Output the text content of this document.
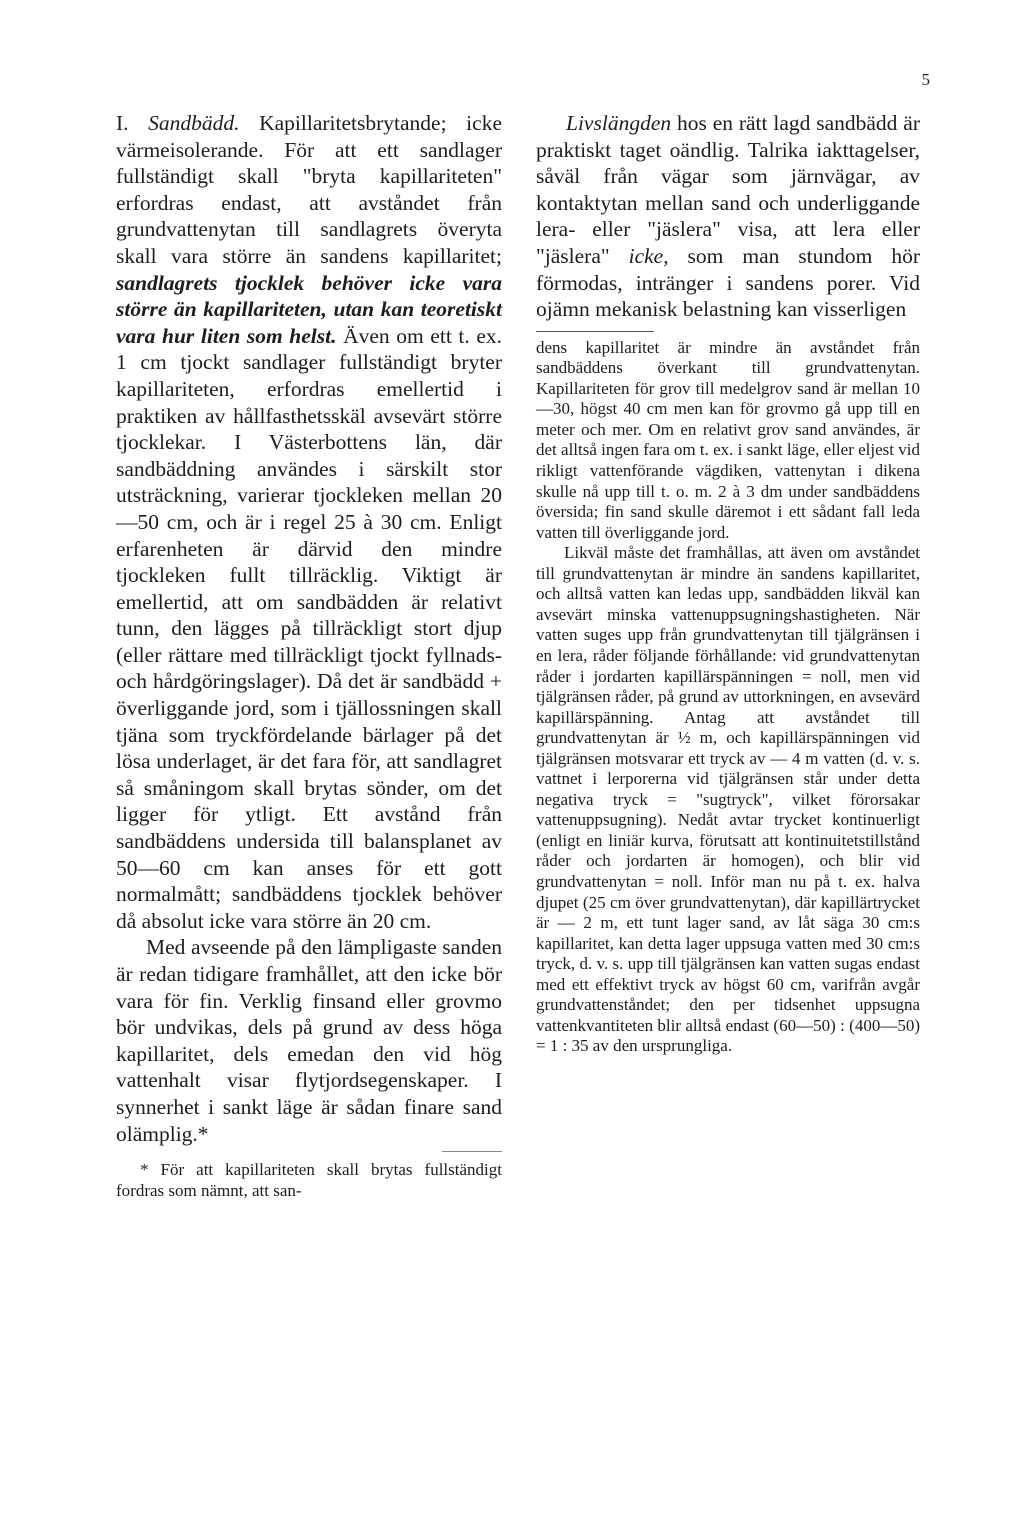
5

I. Sandbädd. Kapillaritetsbrytande; icke värmeisolerande. För att ett sandlager fullständigt skall "bryta kapillariteten" erfordras endast, att avståndet från grundvattenytan till sandlagrets överyta skall vara större än sandens kapillaritet; sandlagrets tjocklek behöver icke vara större än kapillariteten, utan kan teoretiskt vara hur liten som helst. Även om ett t. ex. 1 cm tjockt sandlager fullständigt bryter kapillariteten, erfordras emellertid i praktiken av hållfasthetsskäl avsevärt större tjocklekar. I Västerbottens län, där sandbäddning användes i särskilt stor utsträckning, varierar tjockleken mellan 20 —50 cm, och är i regel 25 à 30 cm. Enligt erfarenheten är därvid den mindre tjockleken fullt tillräcklig. Viktigt är emellertid, att om sandbädden är relativt tunn, den lägges på tillräckligt stort djup (eller rättare med tillräckligt tjockt fyllnads- och hårdgöringslager). Då det är sandbädd + överliggande jord, som i tjällossningen skall tjäna som tryckfördelande bärlager på det lösa underlaget, är det fara för, att sandlagret så småningom skall brytas sönder, om det ligger för ytligt. Ett avstånd från sandbäddens undersida till balansplanet av 50—60 cm kan anses för ett gott normalmått; sandbäddens tjocklek behöver då absolut icke vara större än 20 cm.

Med avseende på den lämpligaste sanden är redan tidigare framhållet, att den icke bör vara för fin. Verklig finsand eller grovmo bör undvikas, dels på grund av dess höga kapillaritet, dels emedan den vid hög vattenhalt visar flytjordsegenskaper. I synnerhet i sankt läge är sådan finare sand olämplig.*

* För att kapillariteten skall brytas fullständigt fordras som nämnt, att san-

Livslängden hos en rätt lagd sandbädd är praktiskt taget oändlig. Talrika iakttagelser, såväl från vägar som järnvägar, av kontaktytan mellan sand och underliggande lera- eller "jäslera" visa, att lera eller "jäslera" icke, som man stundom hör förmodas, intränger i sandens porer. Vid ojämn mekanisk belastning kan visserligen

dens kapillaritet är mindre än avståndet från sandbäddens överkant till grundvattenytan. Kapillariteten för grov till medelgrov sand är mellan 10—30, högst 40 cm men kan för grovmo gå upp till en meter och mer. Om en relativt grov sand användes, är det alltså ingen fara om t. ex. i sankt läge, eller eljest vid rikligt vattenförande vägdiken, vattenytan i dikena skulle nå upp till t. o. m. 2 à 3 dm under sandbäddens översida; fin sand skulle däremot i ett sådant fall leda vatten till överliggande jord.

Likväl måste det framhållas, att även om avståndet till grundvattenytan är mindre än sandens kapillaritet, och alltså vatten kan ledas upp, sandbädden likväl kan avsevärt minska vattenuppsugningshastigheten. När vatten suges upp från grundvattenytan till tjälgränsen i en lera, råder följande förhållande: vid grundvattenytan råder i jordarten kapillärspänningen = noll, men vid tjälgränsen råder, på grund av uttorkningen, en avsevärd kapillärspänning. Antag att avståndet till grundvattenytan är ½ m, och kapillärspänningen vid tjälgränsen motsvarar ett tryck av — 4 m vatten (d. v. s. vattnet i lerporerna vid tjälgränsen står under detta negativa tryck = "sugtryck", vilket förorsakar vattenuppsugning). Nedåt avtar trycket kontinuerligt (enligt en liniär kurva, förutsatt att kontinuitetstillstånd råder och jordarten är homogen), och blir vid grundvattenytan = noll. Inför man nu på t. ex. halva djupet (25 cm över grundvattenytan), där kapillärtrycket är — 2 m, ett tunt lager sand, av låt säga 30 cm:s kapillaritet, kan detta lager uppsuga vatten med 30 cm:s tryck, d. v. s. upp till tjälgränsen kan vatten sugas endast med ett effektivt tryck av högst 60 cm, varifrån avgår grundvattenståndet; den per tidsenhet uppsugna vattenkvantiteten blir alltså endast (60—50) : (400—50) = 1 : 35 av den ursprungliga.
